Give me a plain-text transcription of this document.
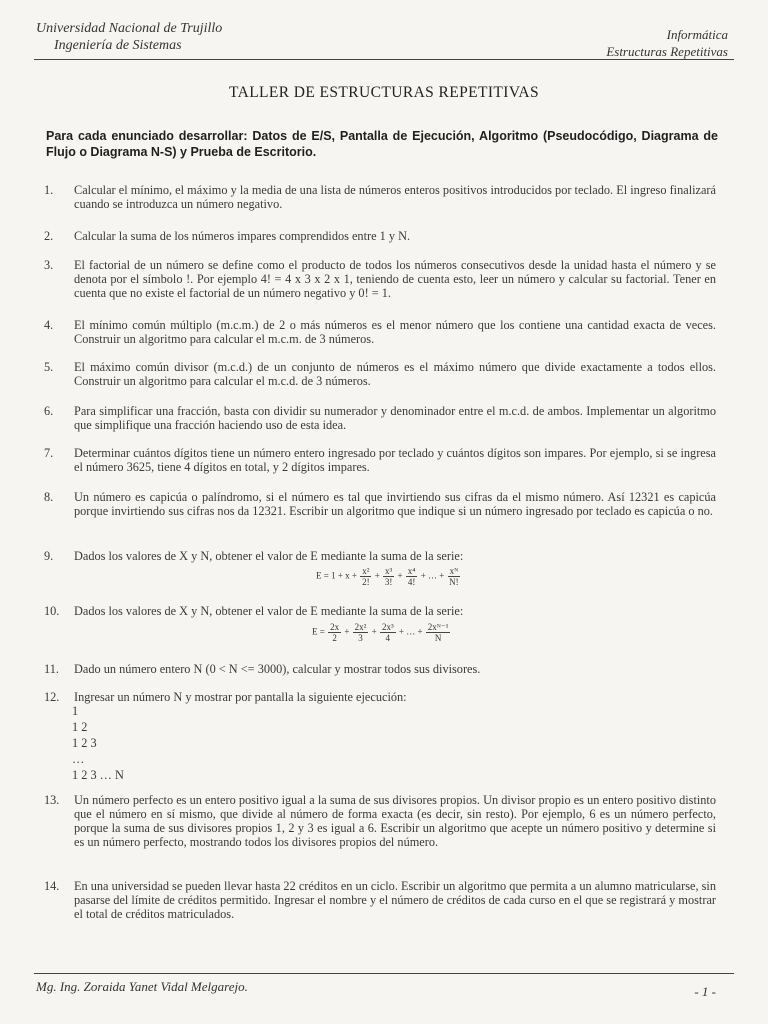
Universidad Nacional de Trujillo
Ingeniería de Sistemas
Informática
Estructuras Repetitivas
TALLER DE ESTRUCTURAS REPETITIVAS
Para cada enunciado desarrollar: Datos de E/S, Pantalla de Ejecución, Algoritmo (Pseudocódigo, Diagrama de Flujo o Diagrama N-S) y Prueba de Escritorio.
1. Calcular el mínimo, el máximo y la media de una lista de números enteros positivos introducidos por teclado. El ingreso finalizará cuando se introduzca un número negativo.
2. Calcular la suma de los números impares comprendidos entre 1 y N.
3. El factorial de un número se define como el producto de todos los números consecutivos desde la unidad hasta el número y se denota por el símbolo !. Por ejemplo 4! = 4 x 3 x 2 x 1, teniendo de cuenta esto, leer un número y calcular su factorial. Tener en cuenta que no existe el factorial de un número negativo y 0! = 1.
4. El mínimo común múltiplo (m.c.m.) de 2 o más números es el menor número que los contiene una cantidad exacta de veces. Construir un algoritmo para calcular el m.c.m. de 3 números.
5. El máximo común divisor (m.c.d.) de un conjunto de números es el máximo número que divide exactamente a todos ellos. Construir un algoritmo para calcular el m.c.d. de 3 números.
6. Para simplificar una fracción, basta con dividir su numerador y denominador entre el m.c.d. de ambos. Implementar un algoritmo que simplifique una fracción haciendo uso de esta idea.
7. Determinar cuántos dígitos tiene un número entero ingresado por teclado y cuántos dígitos son impares. Por ejemplo, si se ingresa el número 3625, tiene 4 dígitos en total, y 2 dígitos impares.
8. Un número es capicúa o palíndromo, si el número es tal que invirtiendo sus cifras da el mismo número. Así 12321 es capicúa porque invirtiendo sus cifras nos da 12321. Escribir un algoritmo que indique si un número ingresado por teclado es capicúa o no.
9. Dados los valores de X y N, obtener el valor de E mediante la suma de la serie:
$E = 1 + x + \frac{\text{x²}}{2!} + \frac{\text{x³}}{3!} + \frac{\text{x⁴}}{4!}$ + … + $\frac{\text{xᴺ}}{N!}$
10. Dados los valores de X y N, obtener el valor de E mediante la suma de la serie:
$E = \frac{2x}{2} + \frac{\text{2x²}}{3} + \frac{\text{2x³}}{4}$ + … + $\frac{\text{2xᴺ⁻¹}}{N}$
11. Dado un número entero N (0 < N <= 3000), calcular y mostrar todos sus divisores.
12. Ingresar un número N y mostrar por pantalla la siguiente ejecución:
1
1 2
1 2 3
…
1 2 3 … N
13. Un número perfecto es un entero positivo igual a la suma de sus divisores propios. Un divisor propio es un entero positivo distinto que el número en sí mismo, que divide al número de forma exacta (es decir, sin resto). Por ejemplo, 6 es un número perfecto, porque la suma de sus divisores propios 1, 2 y 3 es igual a 6. Escribir un algoritmo que acepte un número positivo y determine si es un número perfecto, mostrando todos los divisores propios del número.
14. En una universidad se pueden llevar hasta 22 créditos en un ciclo. Escribir un algoritmo que permita a un alumno matricularse, sin pasarse del límite de créditos permitido. Ingresar el nombre y el número de créditos de cada curso en el que se registrará y mostrar el total de créditos matriculados.
Mg. Ing. Zoraida Yanet Vidal Melgarejo.	- 1 -
